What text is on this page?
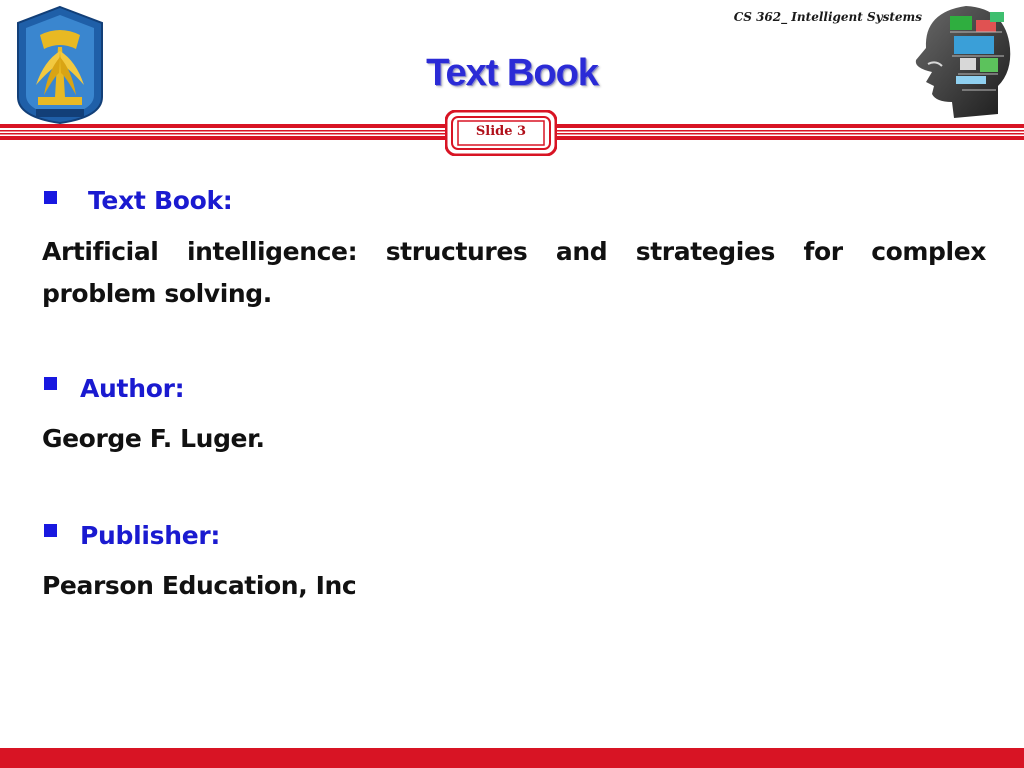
CS 362_ Intelligent Systems
Text Book
Slide 3
Text Book:
Artificial intelligence: structures and strategies for complex
problem solving.
Author:
George F. Luger.
Publisher:
Pearson Education, Inc
